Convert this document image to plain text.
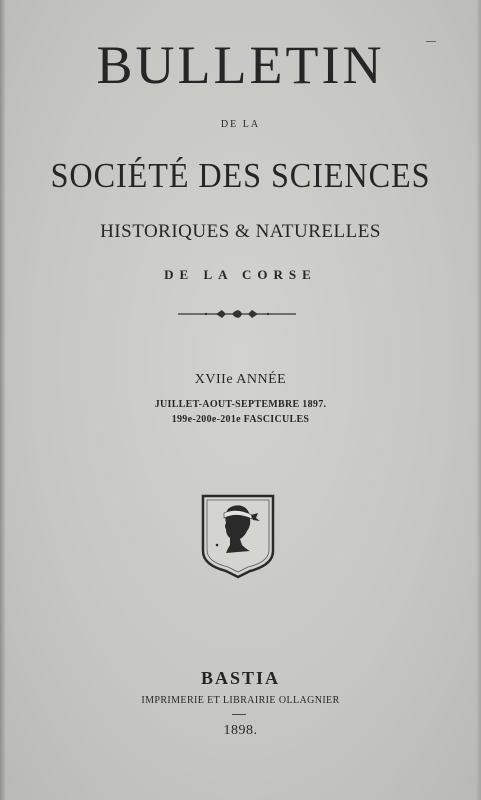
BULLETIN
DE LA
SOCIÉTÉ DES SCIENCES
HISTORIQUES & NATURELLES
DE LA CORSE
XVIIe ANNÉE
JUILLET-AOUT-SEPTEMBRE 1897.
199e-200e-201e FASCICULES
BASTIA
IMPRIMERIE ET LIBRAIRIE OLLAGNIER
1898.
